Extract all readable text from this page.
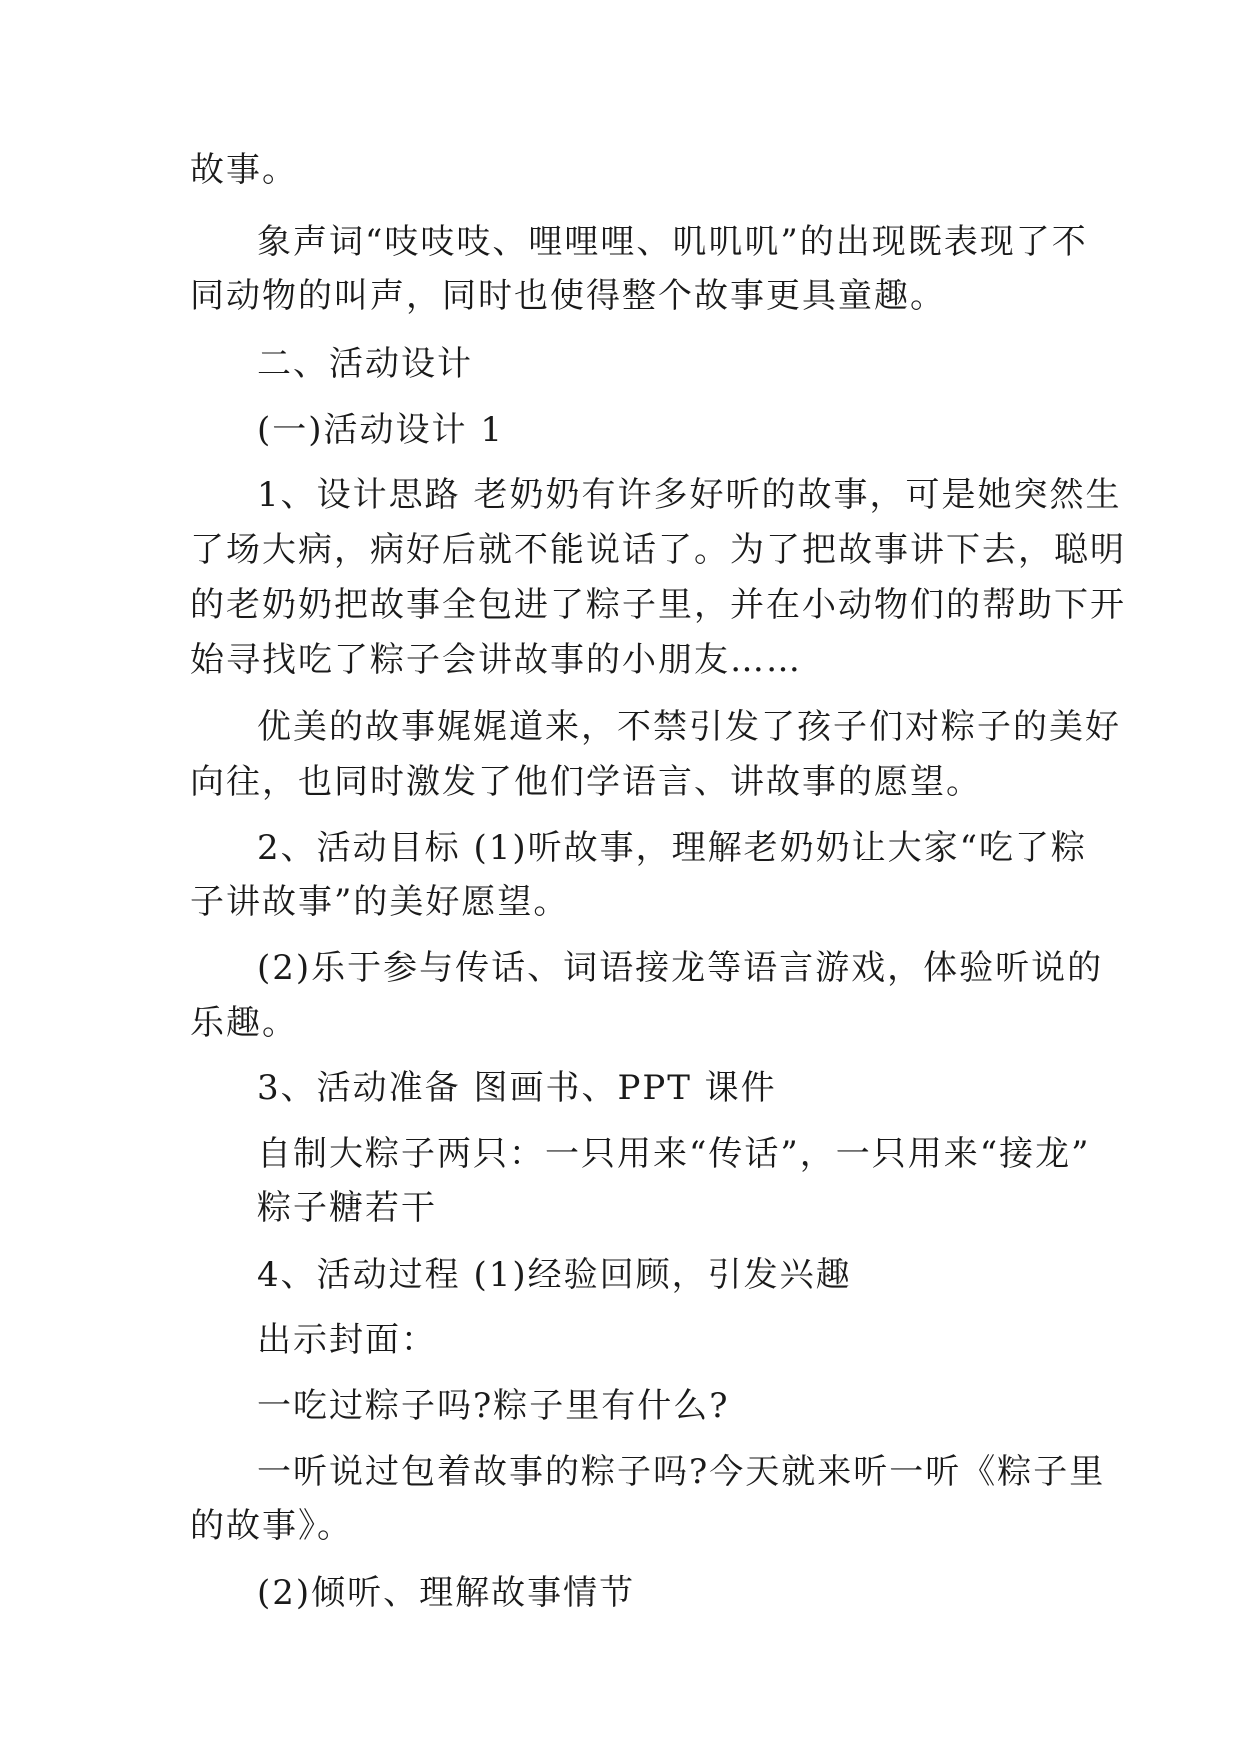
故事。
象声词“吱吱吱、哩哩哩、叽叽叽”的出现既表现了不
同动物的叫声，同时也使得整个故事更具童趣。
二、活动设计
(一)活动设计 1
1、设计思路 老奶奶有许多好听的故事，可是她突然生
了场大病，病好后就不能说话了。为了把故事讲下去，聪明
的老奶奶把故事全包进了粽子里，并在小动物们的帮助下开
始寻找吃了粽子会讲故事的小朋友……
优美的故事娓娓道来，不禁引发了孩子们对粽子的美好
向往，也同时激发了他们学语言、讲故事的愿望。
2、活动目标 (1)听故事，理解老奶奶让大家“吃了粽
子讲故事”的美好愿望。
(2)乐于参与传话、词语接龙等语言游戏，体验听说的
乐趣。
3、活动准备 图画书、PPT 课件
自制大粽子两只：一只用来“传话”，一只用来“接龙”
粽子糖若干
4、活动过程 (1)经验回顾，引发兴趣
出示封面：
一吃过粽子吗?粽子里有什么?
一听说过包着故事的粽子吗?今天就来听一听《粽子里
的故事》。
(2)倾听、理解故事情节
